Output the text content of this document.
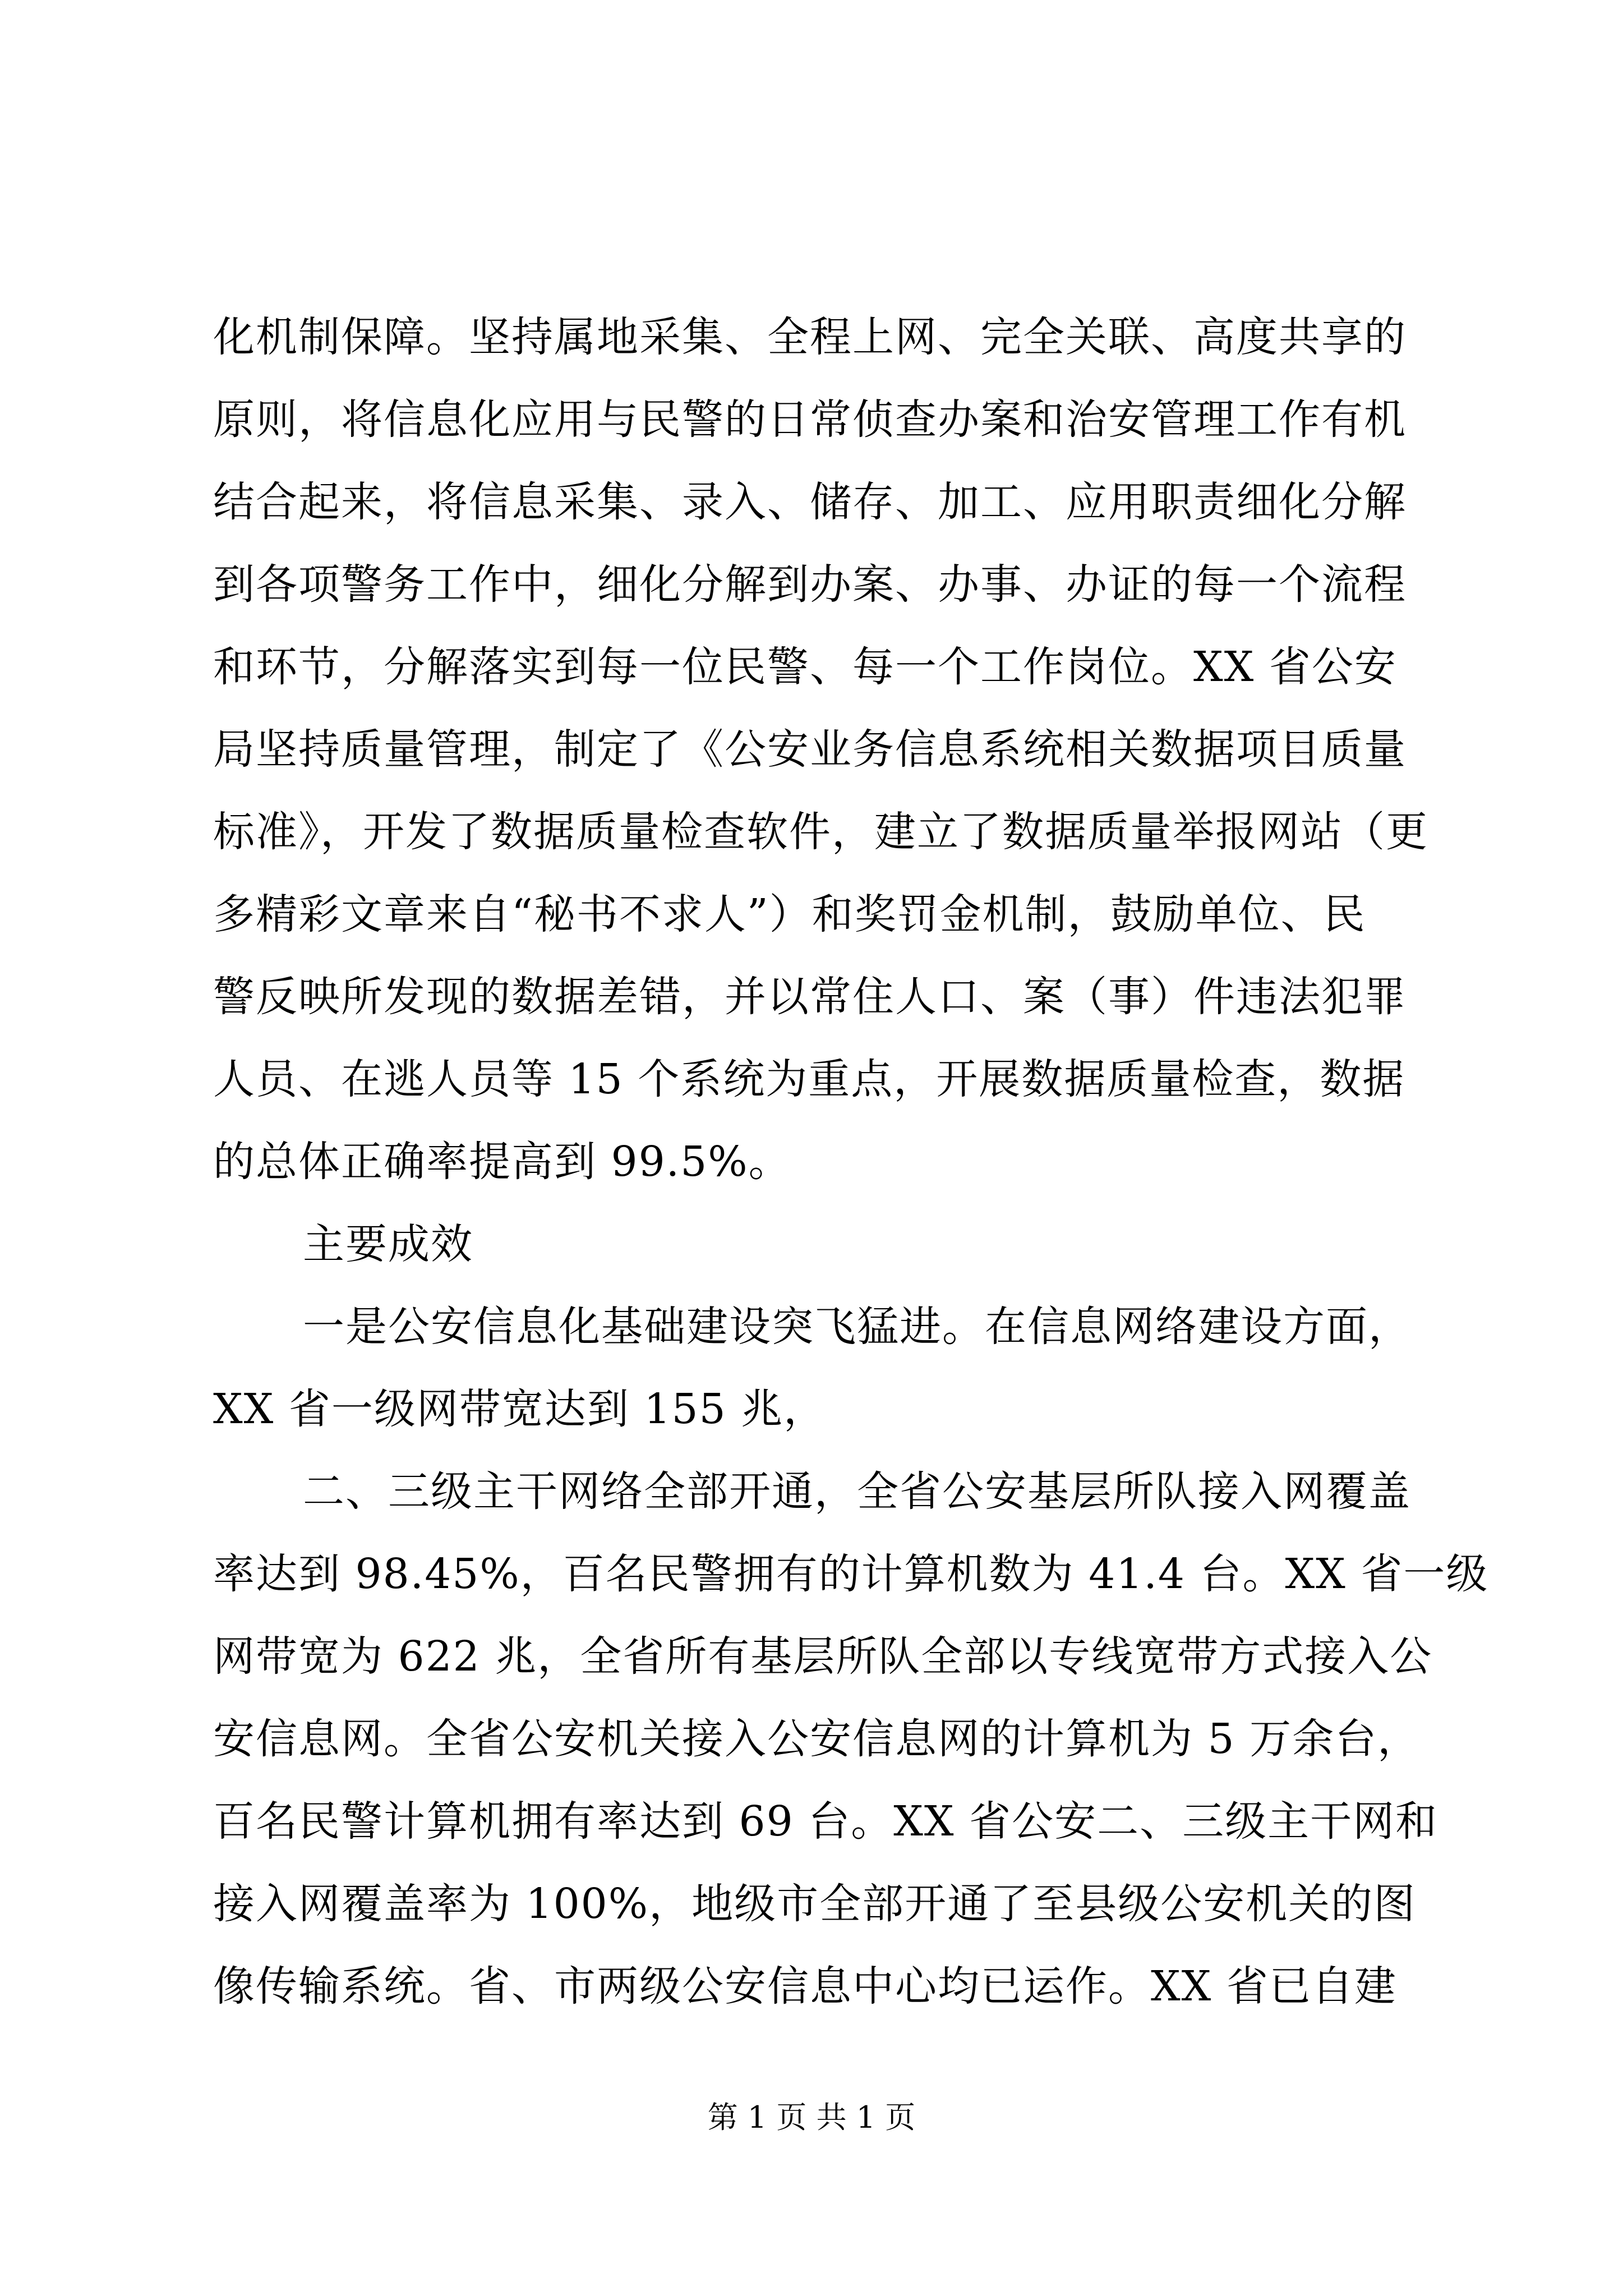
化机制保障。坚持属地采集、全程上网、完全关联、高度共享的
原则，将信息化应用与民警的日常侦查办案和治安管理工作有机
结合起来，将信息采集、录入、储存、加工、应用职责细化分解
到各项警务工作中，细化分解到办案、办事、办证的每一个流程
和环节，分解落实到每一位民警、每一个工作岗位。XX 省公安
局坚持质量管理，制定了《公安业务信息系统相关数据项目质量
标准》，开发了数据质量检查软件，建立了数据质量举报网站（更
多精彩文章来自“秘书不求人”）和奖罚金机制，鼓励单位、民
警反映所发现的数据差错，并以常住人口、案（事）件违法犯罪
人员、在逃人员等 15 个系统为重点，开展数据质量检查，数据
的总体正确率提高到 99.5%。
主要成效
一是公安信息化基础建设突飞猛进。在信息网络建设方面，
XX 省一级网带宽达到 155 兆，
二、三级主干网络全部开通，全省公安基层所队接入网覆盖
率达到 98.45%，百名民警拥有的计算机数为 41.4 台。XX 省一级
网带宽为 622 兆，全省所有基层所队全部以专线宽带方式接入公
安信息网。全省公安机关接入公安信息网的计算机为 5 万余台，
百名民警计算机拥有率达到 69 台。XX 省公安二、三级主干网和
接入网覆盖率为 100%，地级市全部开通了至县级公安机关的图
像传输系统。省、市两级公安信息中心均已运作。XX 省已自建
第 1 页 共 1 页
